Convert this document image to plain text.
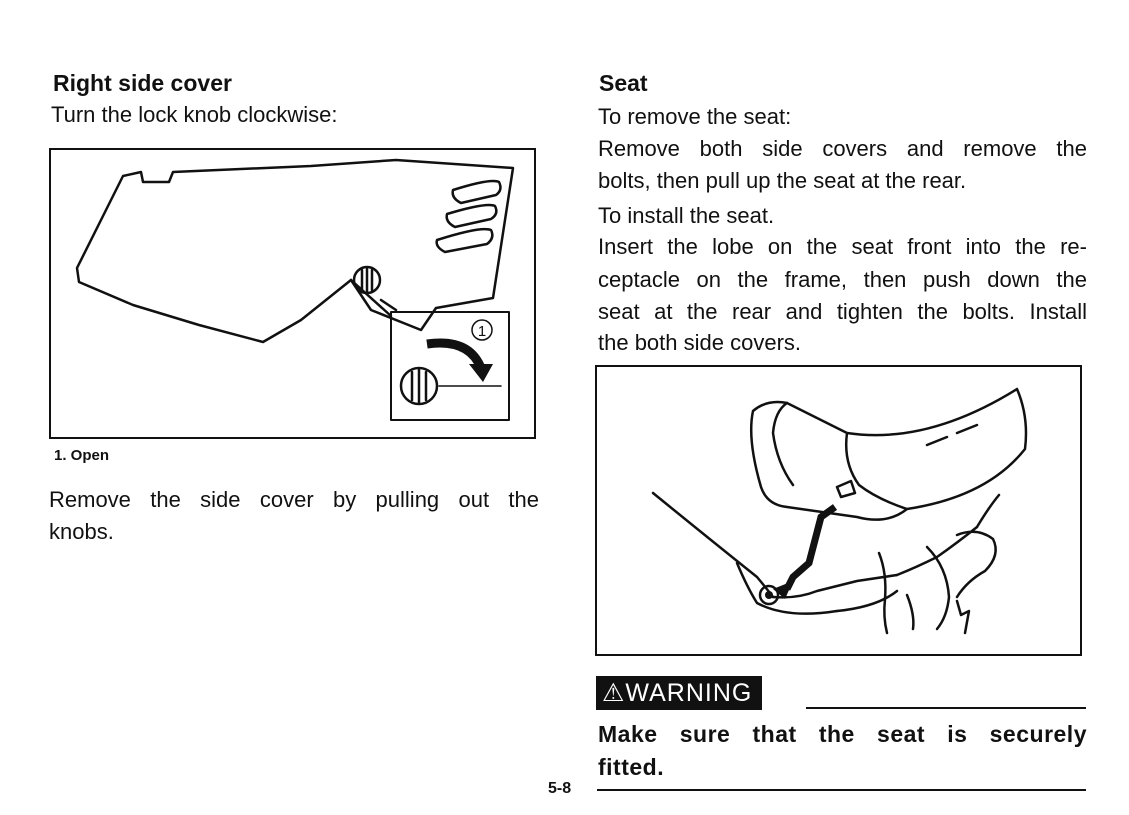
Right side cover
Turn the lock knob clockwise:
1
1. Open
Remove the side cover by pulling out the
knobs.
Seat
To remove the seat:
Remove both side covers and remove the
bolts, then pull up the seat at the rear.
To install the seat.
Insert the lobe on the seat front into the re-
ceptacle on the frame, then push down the
seat at the rear and tighten the bolts. Install
the both side covers.
⚠WARNING
Make sure that the seat is securely
fitted.
5-8
